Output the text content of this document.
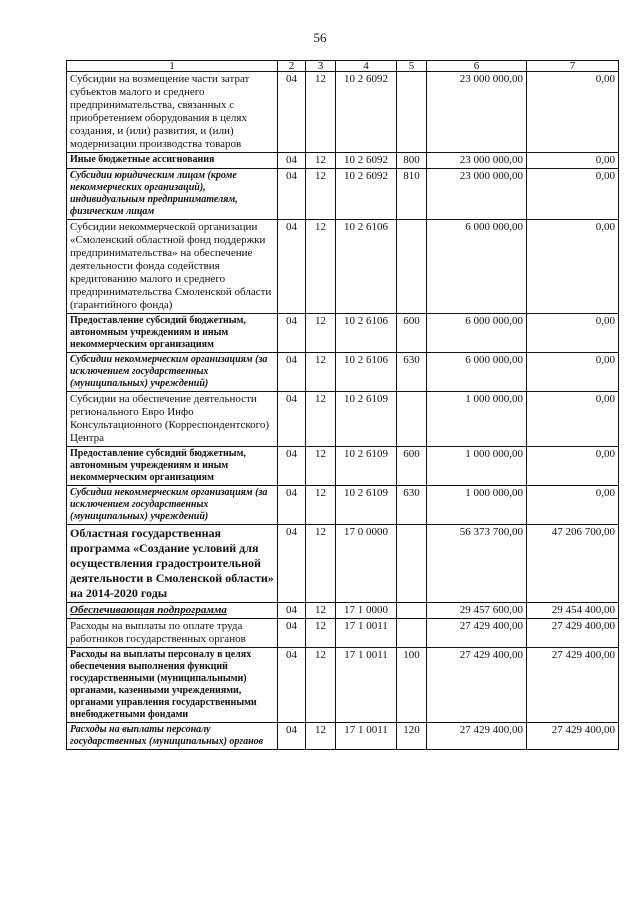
56
1	2	3	4	5	6	7
Субсидии на возмещение части затрат субъектов малого и среднего предпринимательства, связанных с приобретением оборудования в целях создания, и (или) развития, и (или) модернизации производства товаров	04	12	10 2 6092		23 000 000,00	0,00
Иные бюджетные ассигнования	04	12	10 2 6092	800	23 000 000,00	0,00
Субсидии юридическим лицам (кроме некоммерческих организаций), индивидуальным предпринимателям, физическим лицам	04	12	10 2 6092	810	23 000 000,00	0,00
Субсидии некоммерческой организации «Смоленский областной фонд поддержки предпринимательства» на обеспечение деятельности фонда содействия кредитованию малого и среднего предпринимательства Смоленской области (гарантийного фонда)	04	12	10 2 6106		6 000 000,00	0,00
Предоставление субсидий бюджетным, автономным учреждениям и иным некоммерческим организациям	04	12	10 2 6106	600	6 000 000,00	0,00
Субсидии некоммерческим организациям (за исключением государственных (муниципальных) учреждений)	04	12	10 2 6106	630	6 000 000,00	0,00
Субсидии на обеспечение деятельности регионального Евро Инфо Консультационного (Корреспондентского) Центра	04	12	10 2 6109		1 000 000,00	0,00
Предоставление субсидий бюджетным, автономным учреждениям и иным некоммерческим организациям	04	12	10 2 6109	600	1 000 000,00	0,00
Субсидии некоммерческим организациям (за исключением государственных (муниципальных) учреждений)	04	12	10 2 6109	630	1 000 000,00	0,00
Областная государственная программа «Создание условий для осуществления градостроительной деятельности в Смоленской области» на 2014-2020 годы	04	12	17 0 0000		56 373 700,00	47 206 700,00
Обеспечивающая подпрограмма	04	12	17 1 0000		29 457 600,00	29 454 400,00
Расходы на выплаты по оплате труда работников государственных органов	04	12	17 1 0011		27 429 400,00	27 429 400,00
Расходы на выплаты персоналу в целях обеспечения выполнения функций государственными (муниципальными) органами, казенными учреждениями, органами управления государственными внебюджетными фондами	04	12	17 1 0011	100	27 429 400,00	27 429 400,00
Расходы на выплаты персоналу государственных (муниципальных) органов	04	12	17 1 0011	120	27 429 400,00	27 429 400,00
